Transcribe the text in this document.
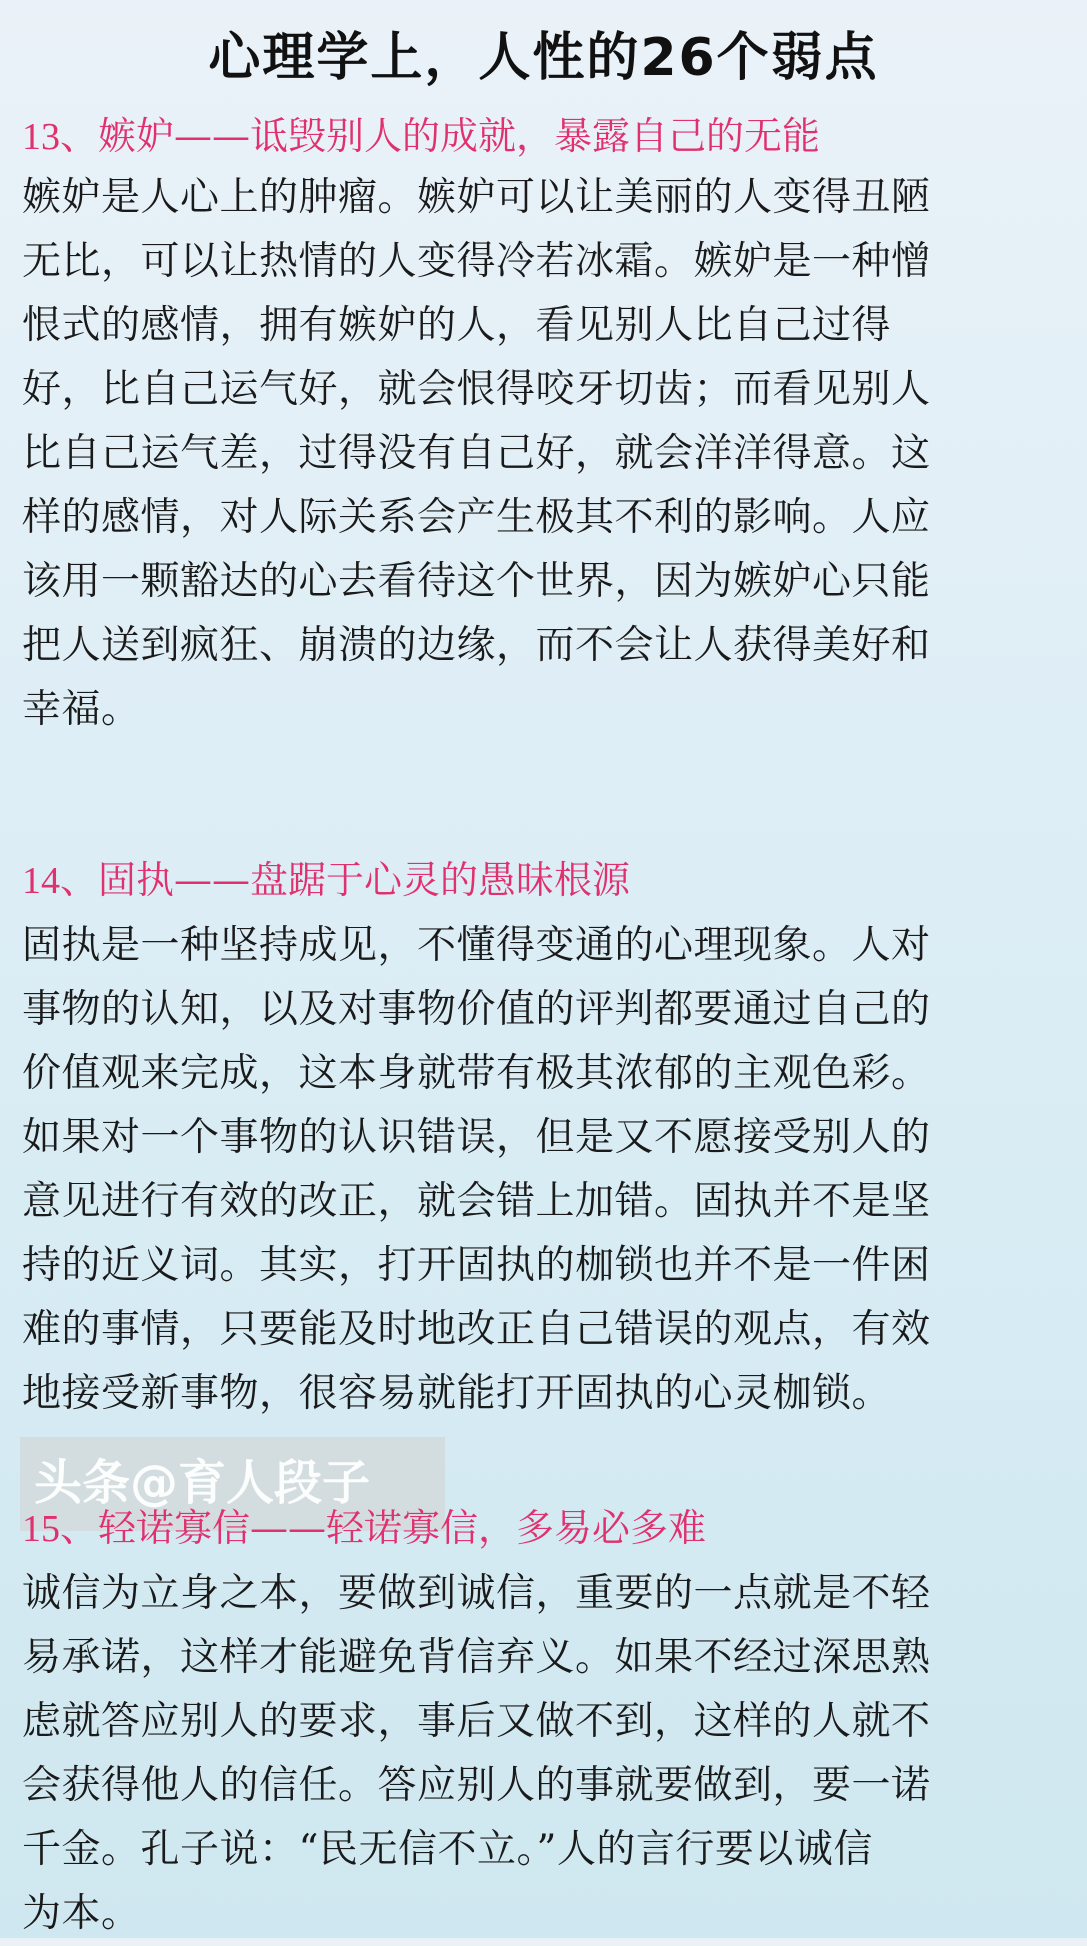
心理学上，人性的26个弱点
13、嫉妒——诋毁别人的成就，暴露自己的无能
嫉妒是人心上的肿瘤。嫉妒可以让美丽的人变得丑陋
无比，可以让热情的人变得冷若冰霜。嫉妒是一种憎
恨式的感情，拥有嫉妒的人，看见别人比自己过得
好，比自己运气好，就会恨得咬牙切齿；而看见别人
比自己运气差，过得没有自己好，就会洋洋得意。这
样的感情，对人际关系会产生极其不利的影响。人应
该用一颗豁达的心去看待这个世界，因为嫉妒心只能
把人送到疯狂、崩溃的边缘，而不会让人获得美好和
幸福。
14、固执——盘踞于心灵的愚昧根源
固执是一种坚持成见，不懂得变通的心理现象。人对
事物的认知，以及对事物价值的评判都要通过自己的
价值观来完成，这本身就带有极其浓郁的主观色彩。
如果对一个事物的认识错误，但是又不愿接受别人的
意见进行有效的改正，就会错上加错。固执并不是坚
持的近义词。其实，打开固执的枷锁也并不是一件困
难的事情，只要能及时地改正自己错误的观点，有效
地接受新事物，很容易就能打开固执的心灵枷锁。
头条@育人段子
15、轻诺寡信——轻诺寡信，多易必多难
诚信为立身之本，要做到诚信，重要的一点就是不轻
易承诺，这样才能避免背信弃义。如果不经过深思熟
虑就答应别人的要求，事后又做不到，这样的人就不
会获得他人的信任。答应别人的事就要做到，要一诺
千金。孔子说：“民无信不立。”人的言行要以诚信
为本。
